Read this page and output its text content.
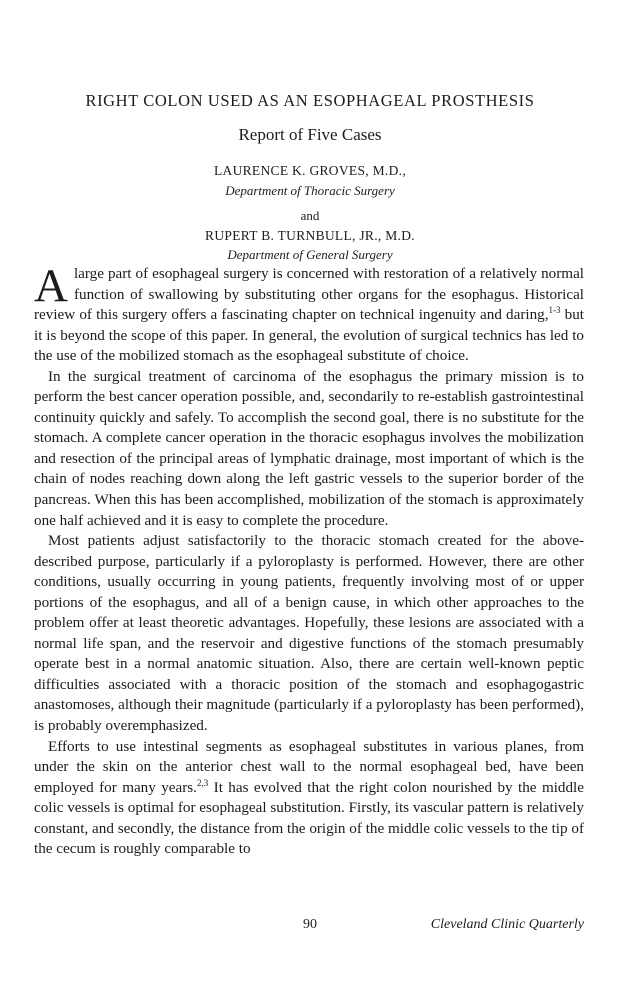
RIGHT COLON USED AS AN ESOPHAGEAL PROSTHESIS
Report of Five Cases
LAURENCE K. GROVES, M.D.,
Department of Thoracic Surgery
and
RUPERT B. TURNBULL, JR., M.D.
Department of General Surgery

Alarge part of esophageal surgery is concerned with restoration of a relatively normal function of swallowing by substituting other organs for the esophagus. Historical review of this surgery offers a fascinating chapter on technical ingenuity and daring,$^{1-3}$ but it is beyond the scope of this paper. In general, the evolution of surgical technics has led to the use of the mobilized stomach as the esophageal substitute of choice.

In the surgical treatment of carcinoma of the esophagus the primary mission is to perform the best cancer operation possible, and, secondarily to re-establish gastrointestinal continuity quickly and safely. To accomplish the second goal, there is no substitute for the stomach. A complete cancer operation in the thoracic esophagus involves the mobilization and resection of the principal areas of lymphatic drainage, most important of which is the chain of nodes reaching down along the left gastric vessels to the superior border of the pancreas. When this has been accomplished, mobilization of the stomach is approximately one half achieved and it is easy to complete the procedure.

Most patients adjust satisfactorily to the thoracic stomach created for the above-described purpose, particularly if a pyloroplasty is performed. However, there are other conditions, usually occurring in young patients, frequently involving most of or upper portions of the esophagus, and all of a benign cause, in which other approaches to the problem offer at least theoretic advantages. Hopefully, these lesions are associated with a normal life span, and the reservoir and digestive functions of the stomach presumably operate best in a normal anatomic situation. Also, there are certain well-known peptic difficulties associated with a thoracic position of the stomach and esophagogastric anastomoses, although their magnitude (particularly if a pyloroplasty has been performed), is probably overemphasized.

Efforts to use intestinal segments as esophageal substitutes in various planes, from under the skin on the anterior chest wall to the normal esophageal bed, have been employed for many years.$^{2,3}$ It has evolved that the right colon nourished by the middle colic vessels is optimal for esophageal substitution. Firstly, its vascular pattern is relatively constant, and secondly, the distance from the origin of the middle colic vessels to the tip of the cecum is roughly comparable to

90	Cleveland Clinic Quarterly
